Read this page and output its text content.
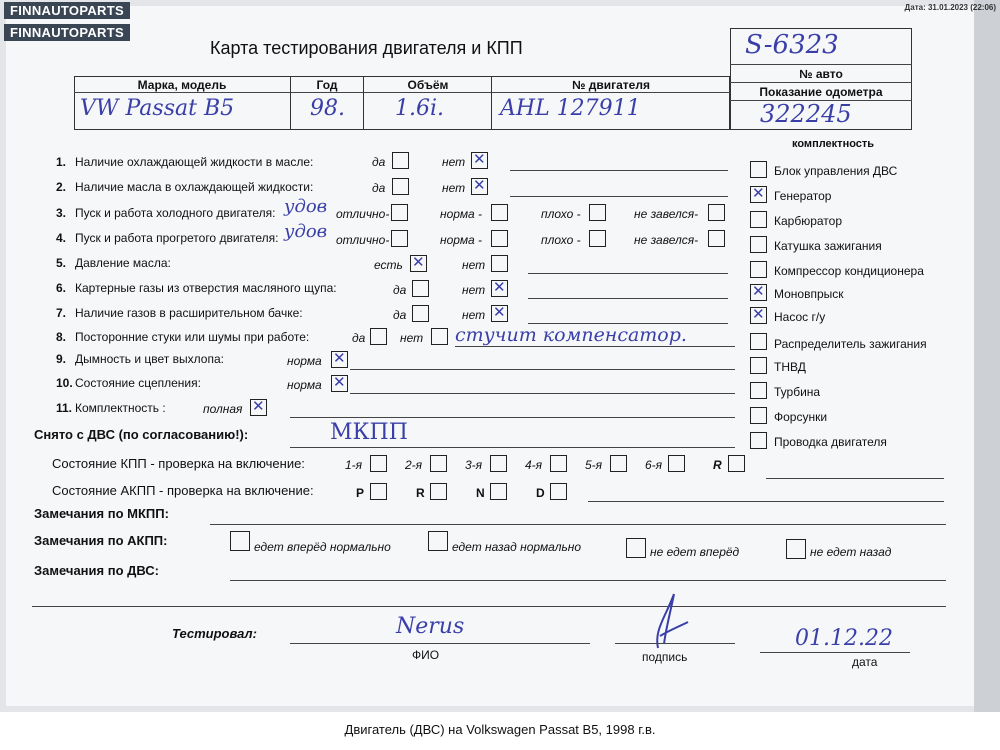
FINNAUTOPARTS
FINNAUTOPARTS
Дата: 31.01.2023 (22:06)
Карта тестирования двигателя и КПП	S-6323
№ авто
Показание одометра
322245
Марка, модель	Год	Объём	№ двигателя
VW Passat B5	98. 1.6i.	AHL 127911
комплектность
Блок управления ДВС
✕
Генератор
Карбюратор
Катушка зажигания
Компрессор кондиционера
✕
Моновпрыск
✕
Насос г/у
Распределитель зажигания
ТНВД
Турбина
Форсунки
Проводка двигателя
1. Наличие охлаждающей жидкости в масле:	да	нет
✕
2. Наличие масла в охлаждающей жидкости:	да	нет
✕
3. Пуск и работа холодного двигателя: удов отлично-	норма -	плохо -	не завелся-
4. Пуск и работа прогретого двигателя: удов отлично-	норма -	плохо -	не завелся-
5. Давление масла:	есть
✕	нет
6. Картерные газы из отверстия масляного щупа:	да	нет
✕
7. Наличие газов в расширительном бачке:	да	нет
✕
8. Посторонние стуки или шумы при работе:	да	нет стучит компенсатор.
9. Дымность и цвет выхлопа:	норма
✕
10. Состояние сцепления:	норма
✕
11. Комплектность :	полная
✕
Снято с ДВС (по согласованию!):	МКПП
Состояние КПП - проверка на включение:	1-я	2-я	3-я	4-я	5-я	6-я	R
Состояние АКПП - проверка на включение:	P	R	N	D
Замечания по МКПП:
Замечания по АКПП:	едет вперёд нормально	едет назад нормально	не едет вперёд	не едет назад
Замечания по ДВС:
Тестировал:	Nerus
ФИО	подпись
01.12.22
дата
Двигатель (ДВС) на Volkswagen Passat B5, 1998 г.в.
